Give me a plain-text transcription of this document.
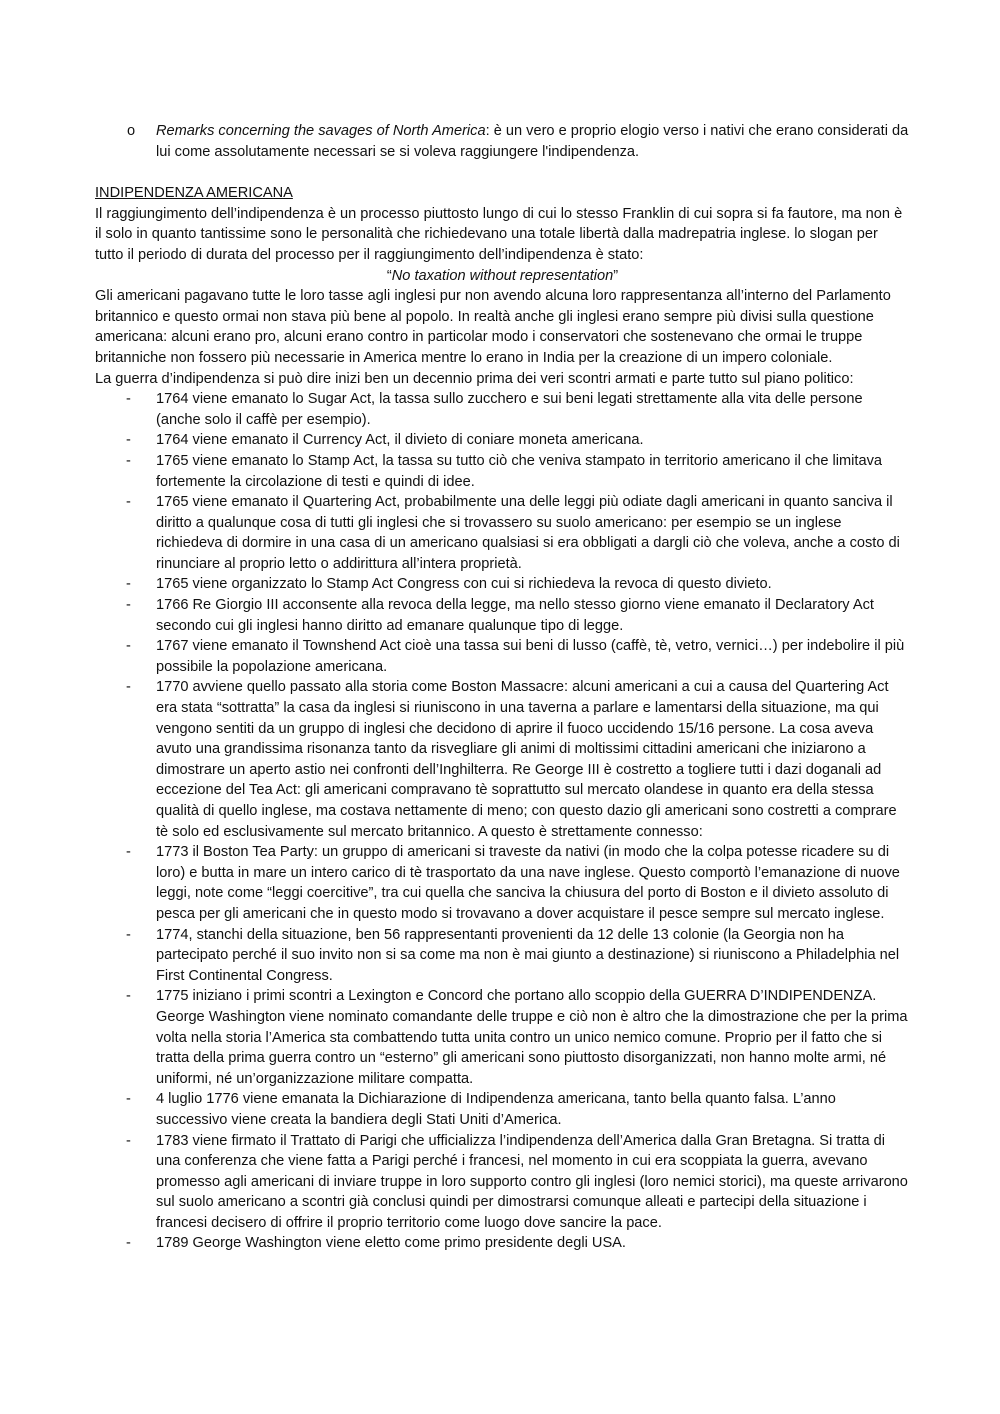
o Remarks concerning the savages of North America: è un vero e proprio elogio verso i nativi che erano considerati da lui come assolutamente necessari se si voleva raggiungere l'indipendenza.
INDIPENDENZA AMERICANA

Il raggiungimento dell’indipendenza è un processo piuttosto lungo di cui lo stesso Franklin di cui sopra si fa fautore, ma non è il solo in quanto tantissime sono le personalità che richiedevano una totale libertà dalla madrepatria inglese. lo slogan per tutto il periodo di durata del processo per il raggiungimento dell’indipendenza è stato:

“No taxation without representation”

Gli americani pagavano tutte le loro tasse agli inglesi pur non avendo alcuna loro rappresentanza all’interno del Parlamento britannico e questo ormai non stava più bene al popolo. In realtà anche gli inglesi erano sempre più divisi sulla questione americana: alcuni erano pro, alcuni erano contro in particolar modo i conservatori che sostenevano che ormai le truppe britanniche non fossero più necessarie in America mentre lo erano in India per la creazione di un impero coloniale.

La guerra d’indipendenza si può dire inizi ben un decennio prima dei veri scontri armati e parte tutto sul piano politico:

- 1764 viene emanato lo Sugar Act, la tassa sullo zucchero e sui beni legati strettamente alla vita delle persone (anche solo il caffè per esempio).
- 1764 viene emanato il Currency Act, il divieto di coniare moneta americana.
- 1765 viene emanato lo Stamp Act, la tassa su tutto ciò che veniva stampato in territorio americano il che limitava fortemente la circolazione di testi e quindi di idee.
- 1765 viene emanato il Quartering Act, probabilmente una delle leggi più odiate dagli americani in quanto sanciva il diritto a qualunque cosa di tutti gli inglesi che si trovassero su suolo americano: per esempio se un inglese richiedeva di dormire in una casa di un americano qualsiasi si era obbligati a dargli ciò che voleva, anche a costo di rinunciare al proprio letto o addirittura all’intera proprietà.
- 1765 viene organizzato lo Stamp Act Congress con cui si richiedeva la revoca di questo divieto.
- 1766 Re Giorgio III acconsente alla revoca della legge, ma nello stesso giorno viene emanato il Declaratory Act secondo cui gli inglesi hanno diritto ad emanare qualunque tipo di legge.
- 1767 viene emanato il Townshend Act cioè una tassa sui beni di lusso (caffè, tè, vetro, vernici…) per indebolire il più possibile la popolazione americana.
- 1770 avviene quello passato alla storia come Boston Massacre: alcuni americani a cui a causa del Quartering Act era stata “sottratta” la casa da inglesi si riuniscono in una taverna a parlare e lamentarsi della situazione, ma qui vengono sentiti da un gruppo di inglesi che decidono di aprire il fuoco uccidendo 15/16 persone. La cosa aveva avuto una grandissima risonanza tanto da risvegliare gli animi di moltissimi cittadini americani che iniziarono a dimostrare un aperto astio nei confronti dell’Inghilterra. Re George III è costretto a togliere tutti i dazi doganali ad eccezione del Tea Act: gli americani compravano tè soprattutto sul mercato olandese in quanto era della stessa qualità di quello inglese, ma costava nettamente di meno; con questo dazio gli americani sono costretti a comprare tè solo ed esclusivamente sul mercato britannico. A questo è strettamente connesso:
- 1773 il Boston Tea Party: un gruppo di americani si traveste da nativi (in modo che la colpa potesse ricadere su di loro) e butta in mare un intero carico di tè trasportato da una nave inglese. Questo comportò l’emanazione di nuove leggi, note come “leggi coercitive”, tra cui quella che sanciva la chiusura del porto di Boston e il divieto assoluto di pesca per gli americani che in questo modo si trovavano a dover acquistare il pesce sempre sul mercato inglese.
- 1774, stanchi della situazione, ben 56 rappresentanti provenienti da 12 delle 13 colonie (la Georgia non ha partecipato perché il suo invito non si sa come ma non è mai giunto a destinazione) si riuniscono a Philadelphia nel First Continental Congress.
- 1775 iniziano i primi scontri a Lexington e Concord che portano allo scoppio della GUERRA D’INDIPENDENZA. George Washington viene nominato comandante delle truppe e ciò non è altro che la dimostrazione che per la prima volta nella storia l’America sta combattendo tutta unita contro un unico nemico comune. Proprio per il fatto che si tratta della prima guerra contro un “esterno” gli americani sono piuttosto disorganizzati, non hanno molte armi, né uniformi, né un’organizzazione militare compatta.
- 4 luglio 1776 viene emanata la Dichiarazione di Indipendenza americana, tanto bella quanto falsa. L’anno successivo viene creata la bandiera degli Stati Uniti d’America.
- 1783 viene firmato il Trattato di Parigi che ufficializza l’indipendenza dell’America dalla Gran Bretagna. Si tratta di una conferenza che viene fatta a Parigi perché i francesi, nel momento in cui era scoppiata la guerra, avevano promesso agli americani di inviare truppe in loro supporto contro gli inglesi (loro nemici storici), ma queste arrivarono sul suolo americano a scontri già conclusi quindi per dimostrarsi comunque alleati e partecipi della situazione i francesi decisero di offrire il proprio territorio come luogo dove sancire la pace.
- 1789 George Washington viene eletto come primo presidente degli USA.
